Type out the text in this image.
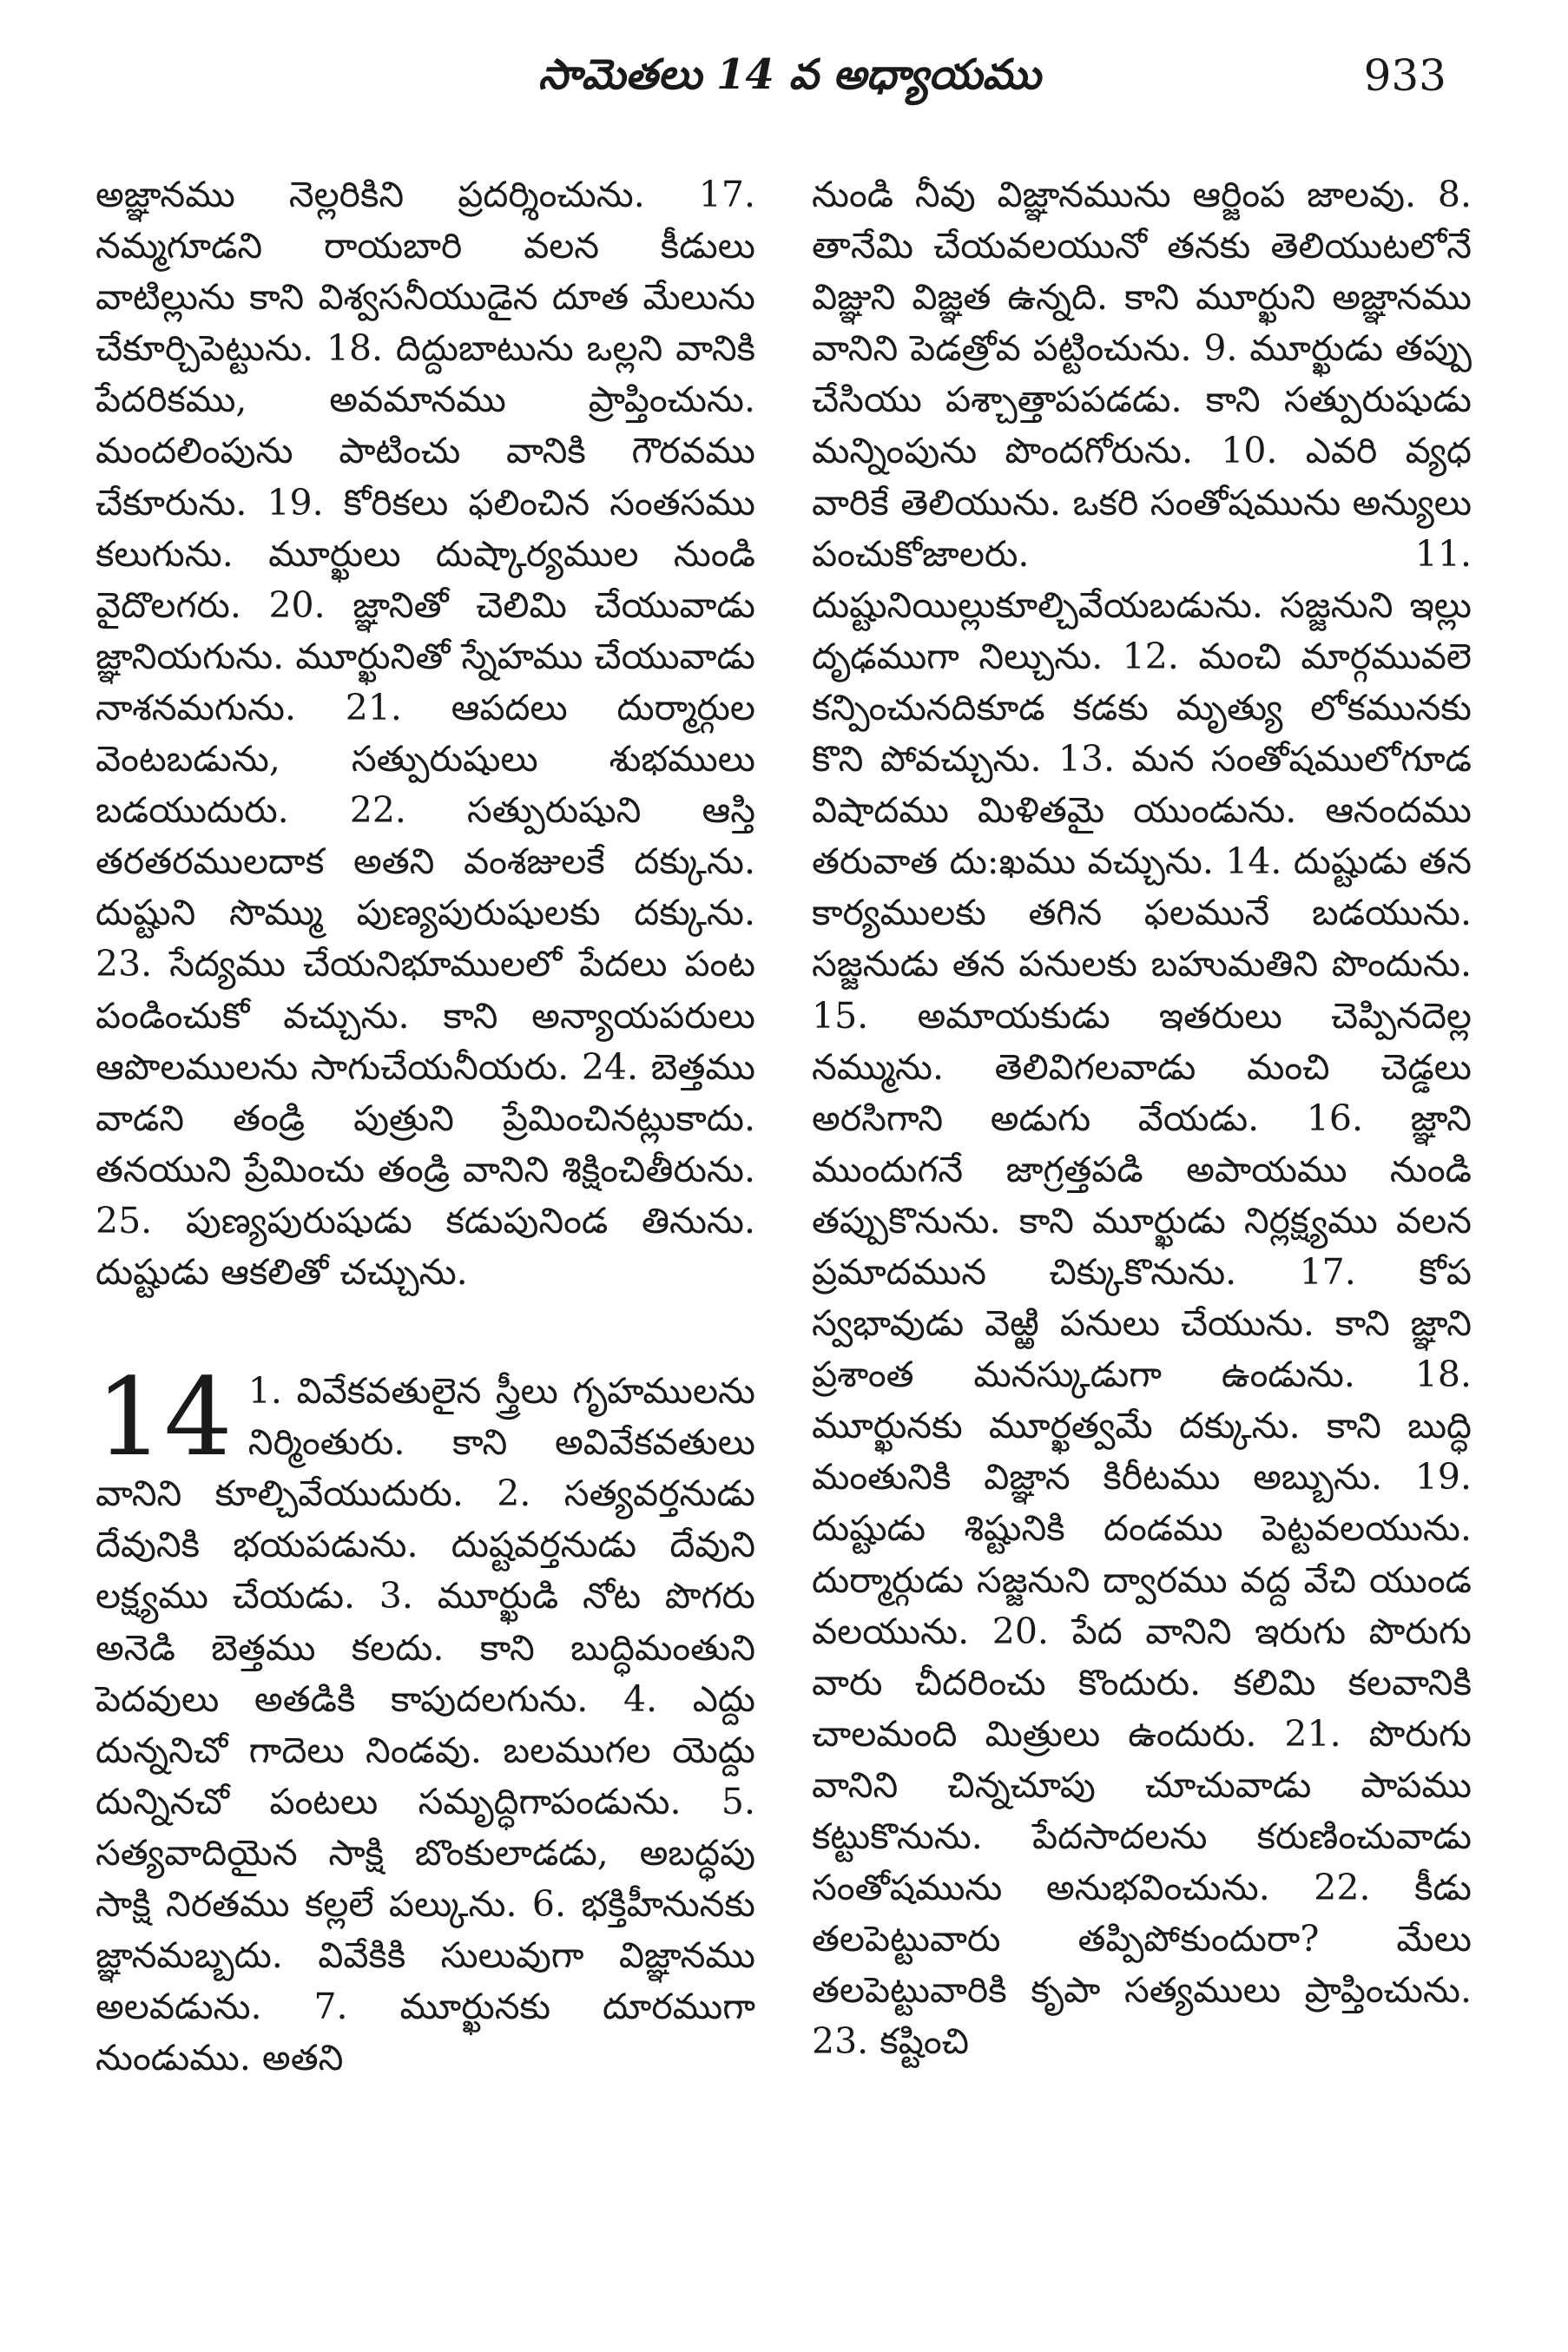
సామెతలు 14 వ అధ్యాయము	933

అజ్ఞానము నెల్లరికిని ప్రదర్శించును. 17. నమ్మగూడని రాయబారి వలన కీడులు వాటిల్లును కాని విశ్వసనీయుడైన దూత మేలును చేకూర్చిపెట్టును. 18. దిద్దుబాటును ఒల్లని వానికి పేదరికము, అవమానము ప్రాప్తించును. మందలింపును పాటించు వానికి గౌరవము చేకూరును. 19. కోరికలు ఫలించిన సంతసము కలుగును. మూర్ఖులు దుష్కార్యముల నుండి వైదొలగరు. 20. జ్ఞానితో చెలిమి చేయువాడు జ్ఞానియగును. మూర్ఖునితో స్నేహము చేయువాడు నాశనమగును. 21. ఆపదలు దుర్మార్గుల వెంటబడును, సత్పురుషులు శుభములు బడయుదురు. 22. సత్పురుషుని ఆస్తి తరతరములదాక అతని వంశజులకే దక్కును. దుష్టుని సొమ్ము పుణ్యపురుషులకు దక్కును. 23. సేద్యము చేయనిభూములలో పేదలు పంట పండించుకో వచ్చును. కాని అన్యాయపరులు ఆపొలములను సాగుచేయనీయరు. 24. బెత్తము వాడని తండ్రి పుత్రుని ప్రేమించినట్లుకాదు. తనయుని ప్రేమించు తండ్రి వానిని శిక్షించితీరును. 25. పుణ్యపురుషుడు కడుపునిండ తినును. దుష్టుడు ఆకలితో చచ్చును.

14 1. వివేకవతులైన స్త్రీలు గృహములను నిర్మింతురు. కాని అవివేకవతులు వానిని కూల్చివేయుదురు. 2. సత్యవర్తనుడు దేవునికి భయపడును. దుష్టవర్తనుడు దేవుని లక్ష్యము చేయడు. 3. మూర్ఖుడి నోట పొగరు అనెడి బెత్తము కలదు. కాని బుద్ధిమంతుని పెదవులు అతడికి కాపుదలగును. 4. ఎద్దు దున్ననిచో గాదెలు నిండవు. బలముగల యెద్దు దున్నినచో పంటలు సమృద్ధిగాపండును. 5. సత్యవాదియైన సాక్షి బొంకులాడడు, అబద్ధపు సాక్షి నిరతము కల్లలే పల్కును. 6. భక్తిహీనునకు జ్ఞానమబ్బదు. వివేకికి సులువుగా విజ్ఞానము అలవడును. 7. మూర్ఖునకు దూరముగా నుండుము. అతని

నుండి నీవు విజ్ఞానమును ఆర్జింప జాలవు. 8. తానేమి చేయవలయునో తనకు తెలియుటలోనే విజ్ఞుని విజ్ఞత ఉన్నది. కాని మూర్ఖుని అజ్ఞానము వానిని పెడత్రోవ పట్టించును. 9. మూర్ఖుడు తప్పు చేసియు పశ్చాత్తాపపడడు. కాని సత్పురుషుడు మన్నింపును పొందగోరును. 10. ఎవరి వ్యధ వారికే తెలియును. ఒకరి సంతోషమును అన్యులు పంచుకోజాలరు. 11. దుష్టునియిల్లుకూల్చివేయబడును. సజ్జనుని ఇల్లు దృఢముగా నిల్చును. 12. మంచి మార్గమువలె కన్పించునదికూడ కడకు మృత్యు లోకమునకు కొని పోవచ్చును. 13. మన సంతోషములోగూడ విషాదము మిళితమై యుండును. ఆనందము తరువాత దు:ఖము వచ్చును. 14. దుష్టుడు తన కార్యములకు తగిన ఫలమునే బడయును. సజ్జనుడు తన పనులకు బహుమతిని పొందును. 15. అమాయకుడు ఇతరులు చెప్పినదెల్ల నమ్మును. తెలివిగలవాడు మంచి చెడ్డలు అరసిగాని అడుగు వేయడు. 16. జ్ఞాని ముందుగనే జాగ్రత్తపడి అపాయము నుండి తప్పుకొనును. కాని మూర్ఖుడు నిర్లక్ష్యము వలన ప్రమాదమున చిక్కుకొనును. 17. కోప స్వభావుడు వెఱ్ఱి పనులు చేయును. కాని జ్ఞాని ప్రశాంత మనస్కుడుగా ఉండును. 18. మూర్ఖునకు మూర్ఖత్వమే దక్కును. కాని బుద్ధి మంతునికి విజ్ఞాన కిరీటము అబ్బును. 19. దుష్టుడు శిష్టునికి దండము పెట్టవలయును. దుర్మార్గుడు సజ్జనుని ద్వారము వద్ద వేచి యుండ వలయును. 20. పేద వానిని ఇరుగు పొరుగు వారు చీదరించు కొందురు. కలిమి కలవానికి చాలమంది మిత్రులు ఉందురు. 21. పొరుగు వానిని చిన్నచూపు చూచువాడు పాపము కట్టుకొనును. పేదసాదలను కరుణించువాడు సంతోషమును అనుభవించును. 22. కీడు తలపెట్టువారు తప్పిపోకుందురా? మేలు తలపెట్టువారికి కృపా సత్యములు ప్రాప్తించును. 23. కష్టించి
